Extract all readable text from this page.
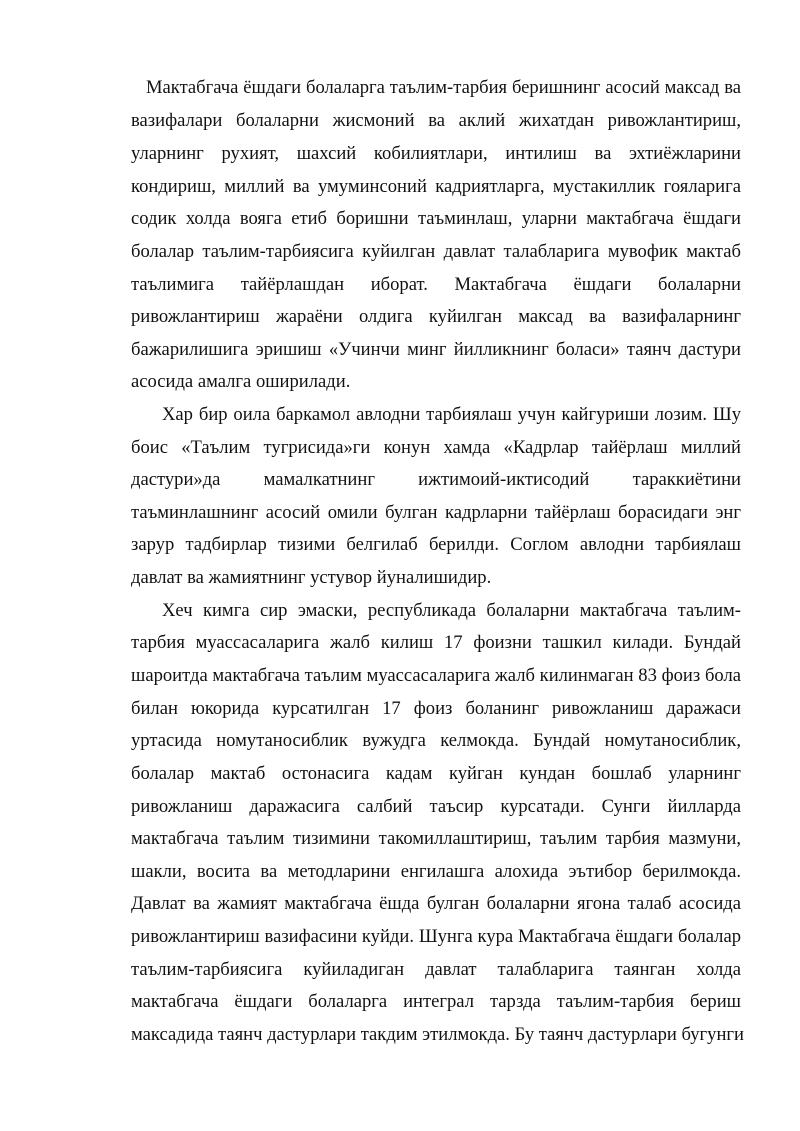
Мактабгача ёшдаги болаларга таълим-тарбия беришнинг асосий максад ва
вазифалари болаларни жисмоний ва аклий жихатдан ривожлантириш,
уларнинг рухият, шахсий кобилиятлари, интилиш ва эхтиёжларини
кондириш, миллий ва умуминсоний кадриятларга, мустакиллик гояларига
содик холда вояга етиб боришни таъминлаш, уларни мактабгача ёшдаги
болалар таълим-тарбиясига куйилган давлат талабларига мувофик мактаб
таълимига тайёрлашдан иборат. Мактабгача ёшдаги болаларни
ривожлантириш жараёни олдига куйилган максад ва вазифаларнинг
бажарилишига эришиш «Учинчи минг йилликнинг боласи» таянч дастури
асосида амалга оширилади.
Хар бир оила баркамол авлодни тарбиялаш учун кайгуриши лозим. Шу
боис «Таълим тугрисида»ги конун хамда «Кадрлар тайёрлаш миллий
дастури»да мамалкатнинг ижтимоий-иктисодий тараккиётини
таъминлашнинг асосий омили булган кадрларни тайёрлаш борасидаги энг
зарур тадбирлар тизими белгилаб берилди. Соглом авлодни тарбиялаш
давлат ва жамиятнинг устувор йуналишидир.
Хеч кимга сир эмаски, республикада болаларни мактабгача таълим-
тарбия муассасаларига жалб килиш 17 фоизни ташкил килади. Бундай
шароитда мактабгача таълим муассасаларига жалб килинмаган 83 фоиз бола
билан юкорида курсатилган 17 фоиз боланинг ривожланиш даражаси
уртасида номутаносиблик вужудга келмокда. Бундай номутаносиблик,
болалар мактаб остонасига кадам куйган кундан бошлаб уларнинг
ривожланиш даражасига салбий таъсир курсатади. Сунги йилларда
мактабгача таълим тизимини такомиллаштириш, таълим тарбия мазмуни,
шакли, восита ва методларини енгилашга алохида эътибор берилмокда.
Давлат ва жамият мактабгача ёшда булган болаларни ягона талаб асосида
ривожлантириш вазифасини куйди. Шунга кура Мактабгача ёшдаги болалар
таълим-тарбиясига куйиладиган давлат талабларига таянган холда
мактабгача ёшдаги болаларга интеграл тарзда таълим-тарбия бериш
максадида таянч дастурлари такдим этилмокда. Бу таянч дастурлари бугунги
